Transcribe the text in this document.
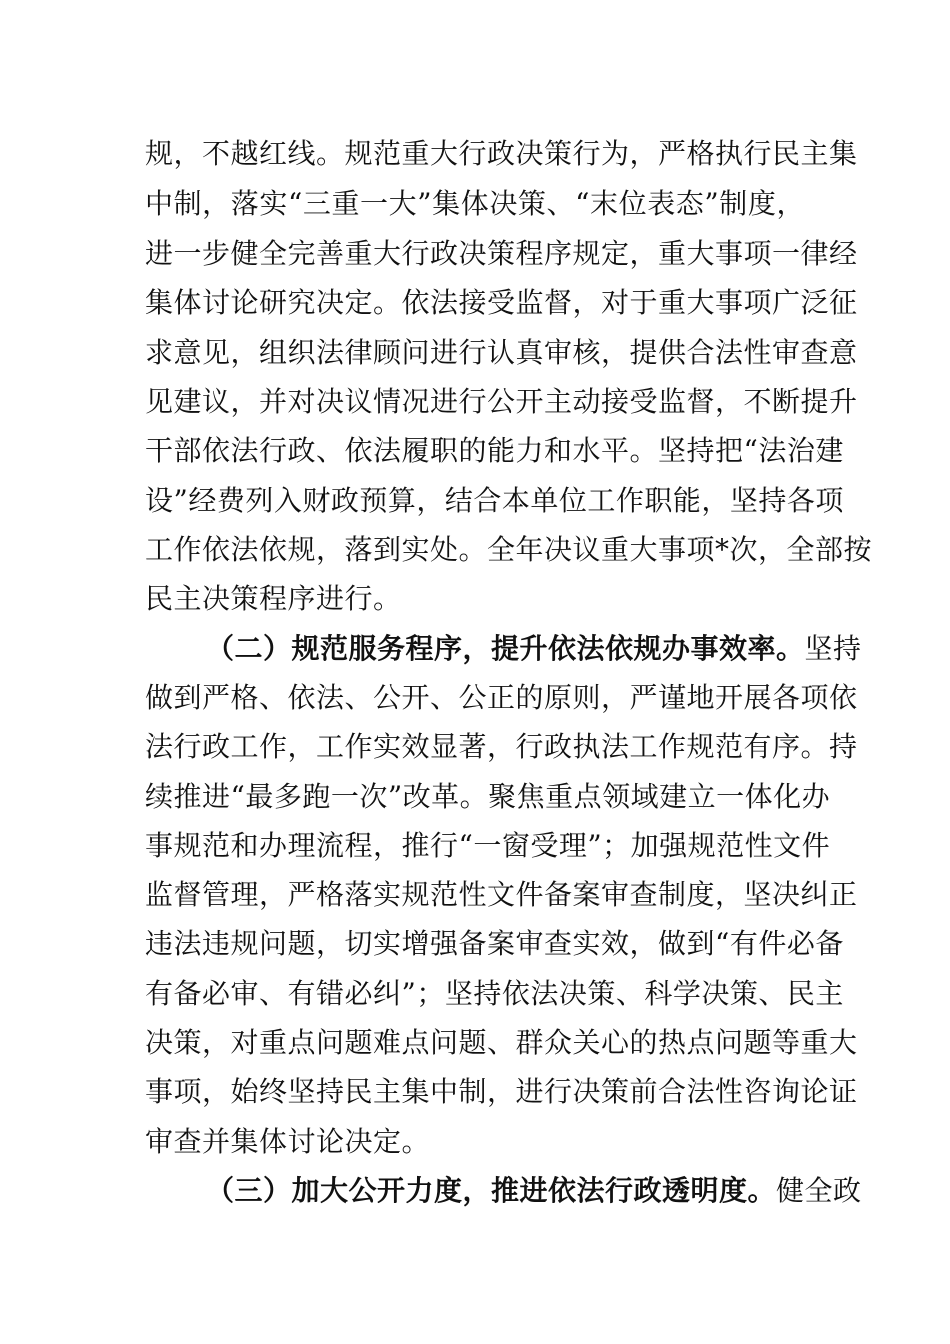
规，不越红线。规范重大行政决策行为，严格执行民主集
中制，落实“三重一大”集体决策、“末位表态”制度，
进一步健全完善重大行政决策程序规定，重大事项一律经
集体讨论研究决定。依法接受监督，对于重大事项广泛征
求意见，组织法律顾问进行认真审核，提供合法性审查意
见建议，并对决议情况进行公开主动接受监督，不断提升
干部依法行政、依法履职的能力和水平。坚持把“法治建
设”经费列入财政预算，结合本单位工作职能，坚持各项
工作依法依规，落到实处。全年决议重大事项*次，全部按
民主决策程序进行。
（二）规范服务程序，提升依法依规办事效率。坚持
做到严格、依法、公开、公正的原则，严谨地开展各项依
法行政工作，工作实效显著，行政执法工作规范有序。持
续推进“最多跑一次”改革。聚焦重点领域建立一体化办
事规范和办理流程，推行“一窗受理”；加强规范性文件
监督管理，严格落实规范性文件备案审查制度，坚决纠正
违法违规问题，切实增强备案审查实效，做到“有件必备
有备必审、有错必纠”；坚持依法决策、科学决策、民主
决策，对重点问题难点问题、群众关心的热点问题等重大
事项，始终坚持民主集中制，进行决策前合法性咨询论证
审查并集体讨论决定。
（三）加大公开力度，推进依法行政透明度。健全政
